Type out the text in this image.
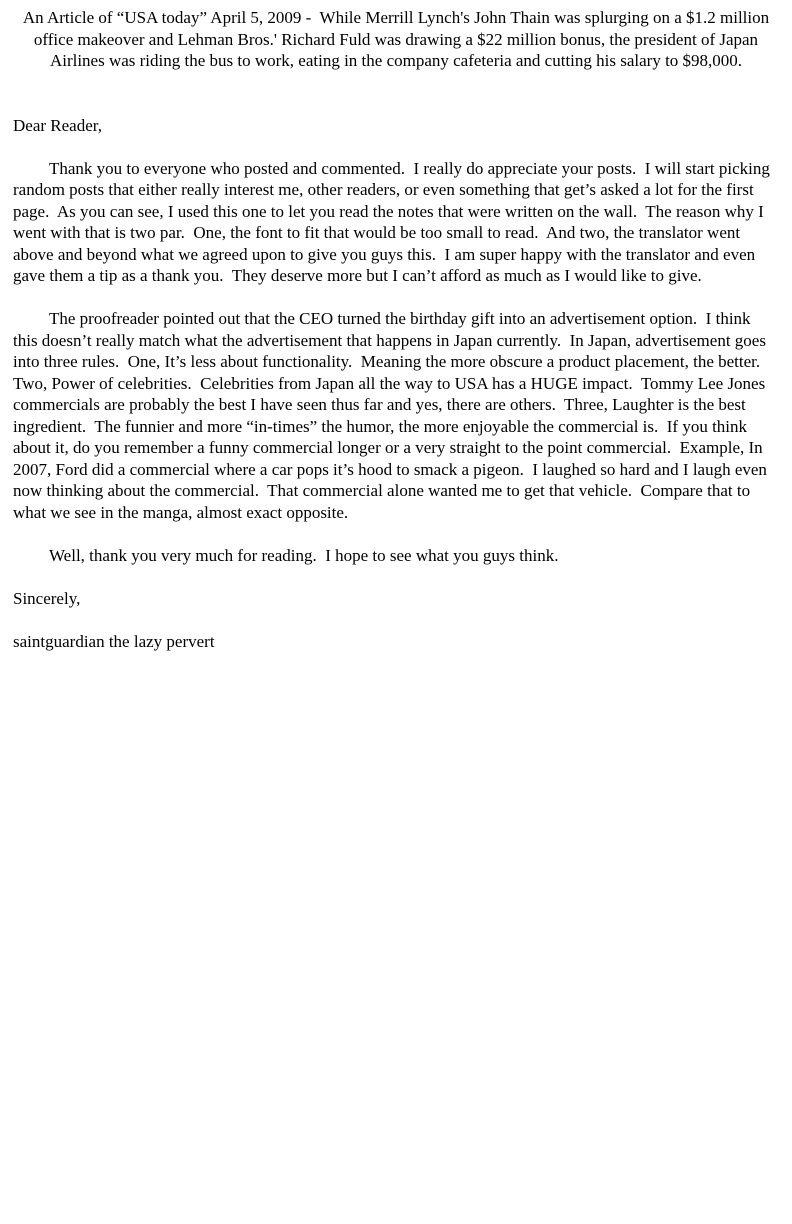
An Article of “USA today” April 5, 2009 -  While Merrill Lynch's John Thain was splurging on a $1.2 million office makeover and Lehman Bros.' Richard Fuld was drawing a $22 million bonus, the president of Japan Airlines was riding the bus to work, eating in the company cafeteria and cutting his salary to $98,000.

Dear Reader,

Thank you to everyone who posted and commented.  I really do appreciate your posts.  I will start picking random posts that either really interest me, other readers, or even something that get’s asked a lot for the first page.  As you can see, I used this one to let you read the notes that were written on the wall.  The reason why I went with that is two par.  One, the font to fit that would be too small to read.  And two, the translator went above and beyond what we agreed upon to give you guys this.  I am super happy with the translator and even gave them a tip as a thank you.  They deserve more but I can’t afford as much as I would like to give.

The proofreader pointed out that the CEO turned the birthday gift into an advertisement option.  I think this doesn’t really match what the advertisement that happens in Japan currently.  In Japan, advertisement goes into three rules.  One, It’s less about functionality.  Meaning the more obscure a product placement, the better.  Two, Power of celebrities.  Celebrities from Japan all the way to USA has a HUGE impact.  Tommy Lee Jones commercials are probably the best I have seen thus far and yes, there are others.  Three, Laughter is the best ingredient.  The funnier and more “in-times” the humor, the more enjoyable the commercial is.  If you think about it, do you remember a funny commercial longer or a very straight to the point commercial.  Example, In 2007, Ford did a commercial where a car pops it’s hood to smack a pigeon.  I laughed so hard and I laugh even now thinking about the commercial.  That commercial alone wanted me to get that vehicle.  Compare that to what we see in the manga, almost exact opposite.

Well, thank you very much for reading.  I hope to see what you guys think.

Sincerely,

saintguardian the lazy pervert
